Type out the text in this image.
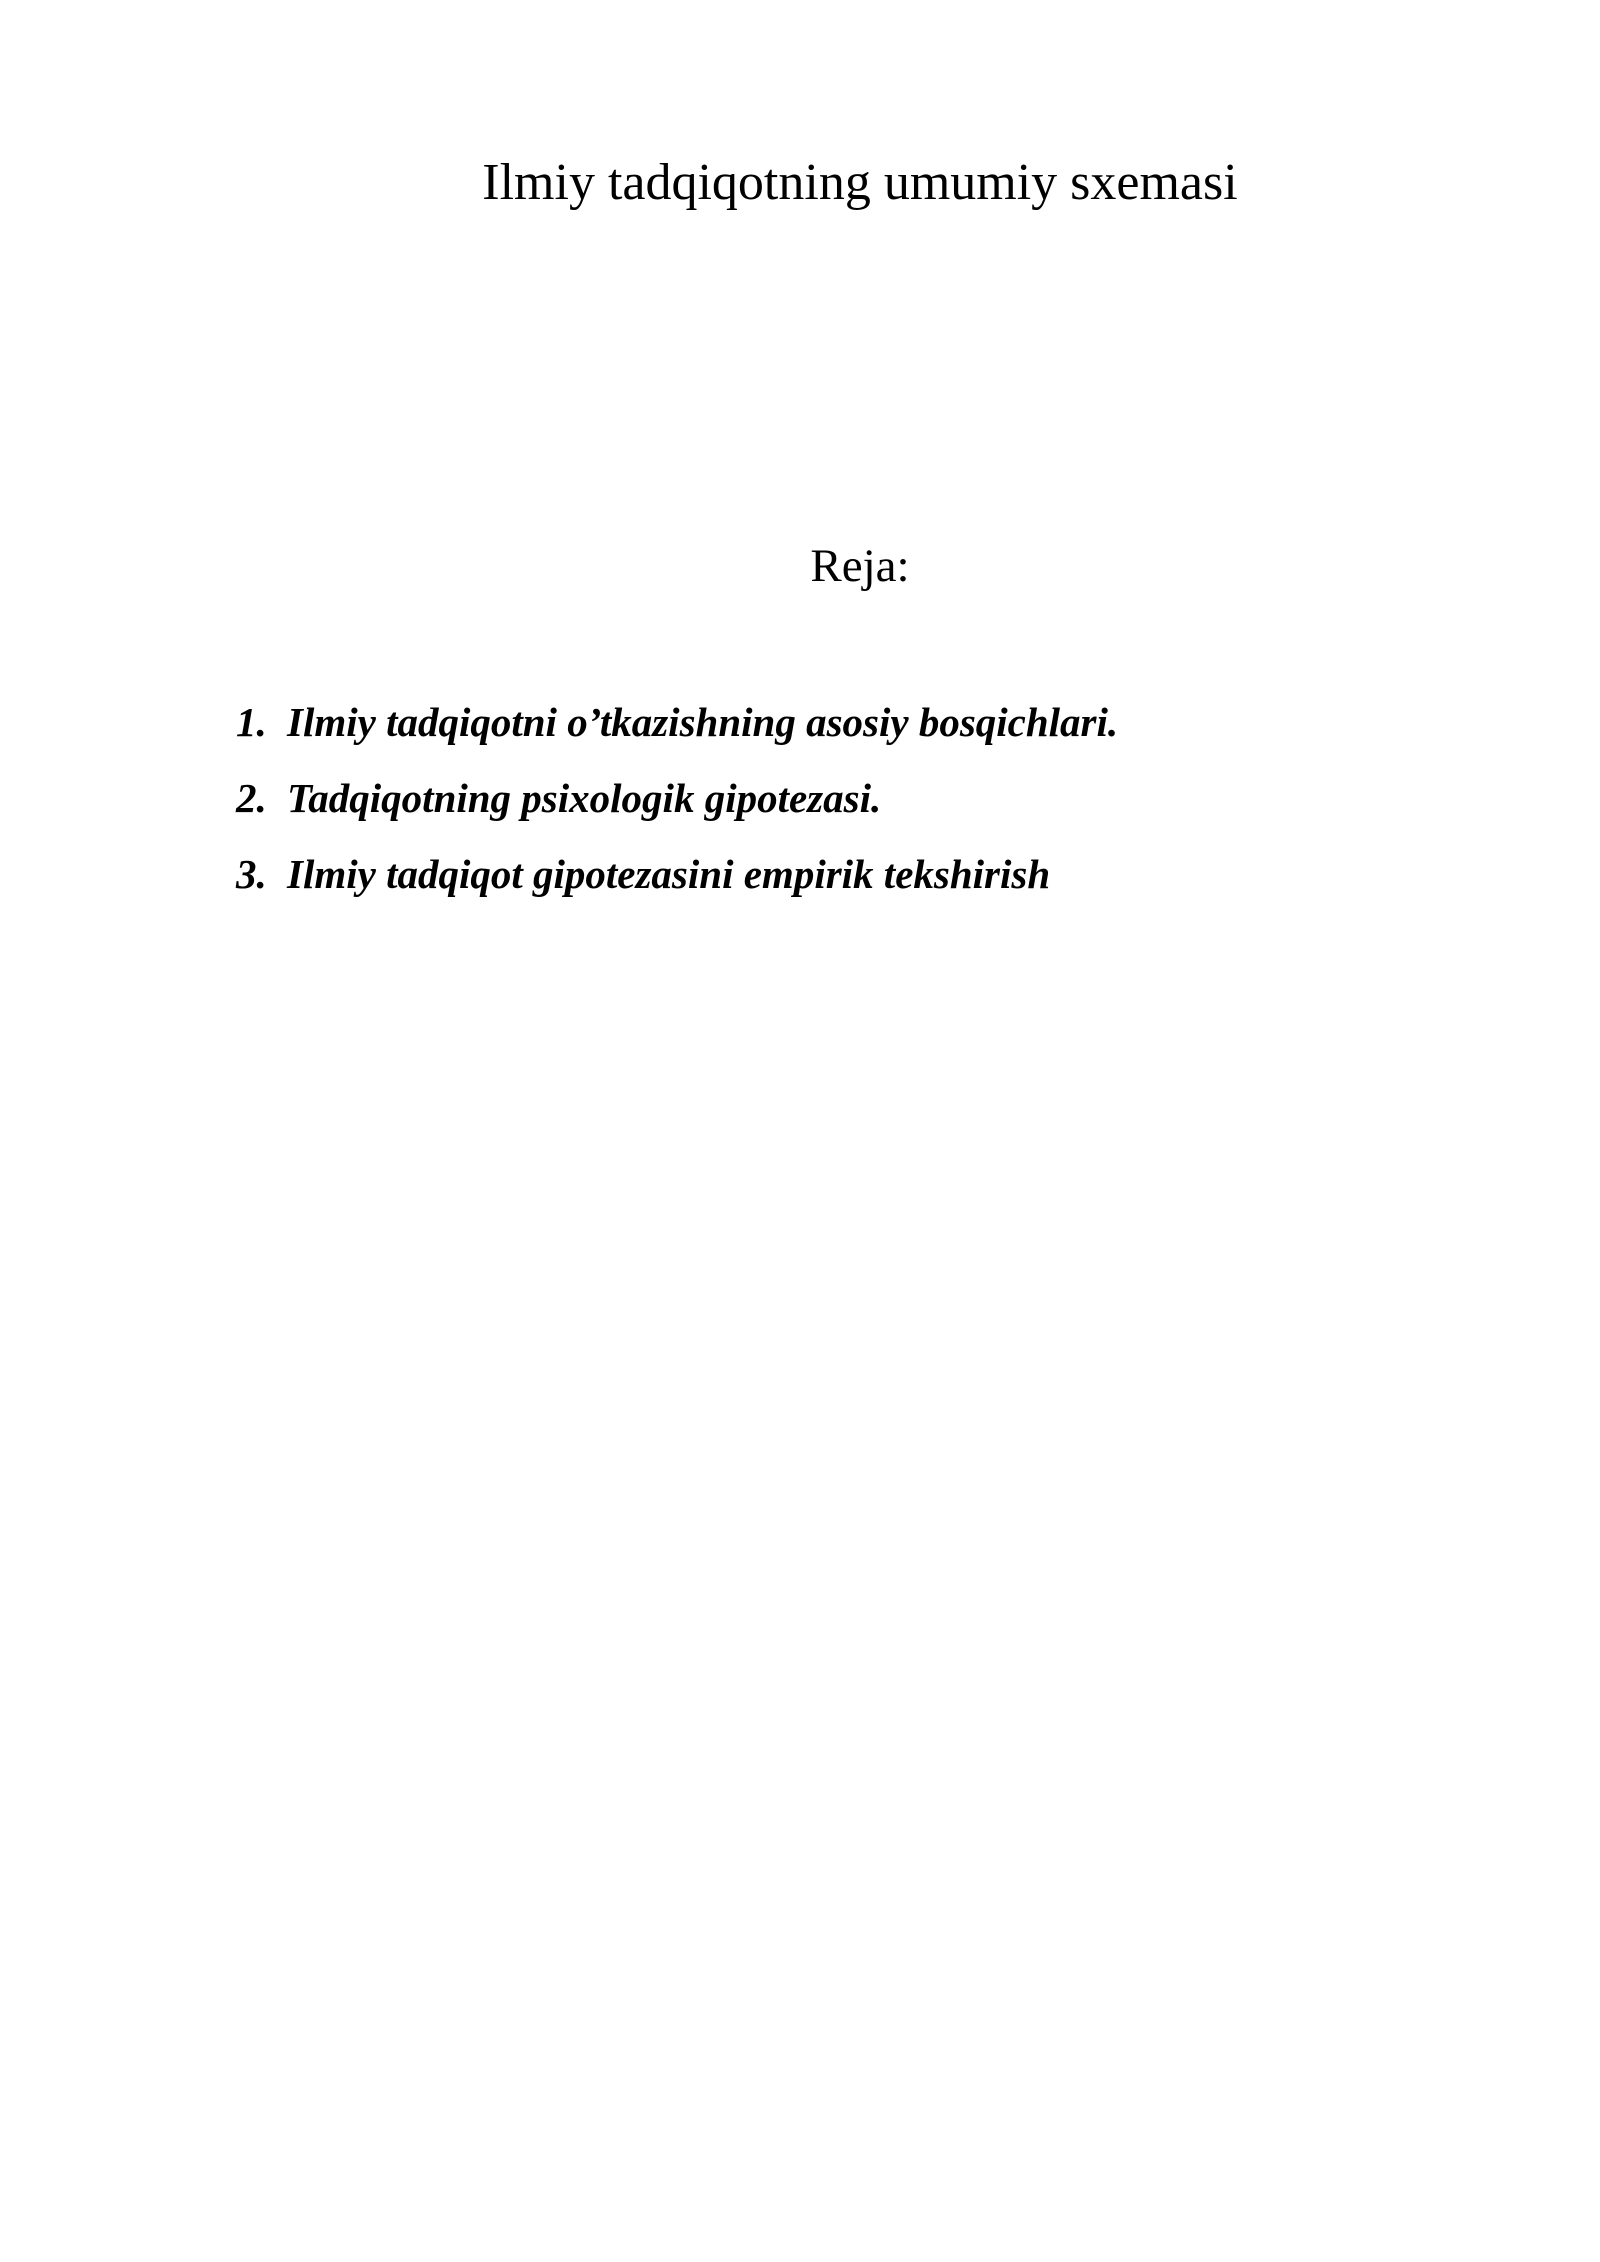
Ilmiy tadqiqotning umumiy sxemasi
Reja:
1. Ilmiy tadqiqotni o’tkazishning asosiy bosqichlari.
2. Tadqiqotning psixologik gipotezasi.
3. Ilmiy tadqiqot gipotezasini empirik tekshirish
